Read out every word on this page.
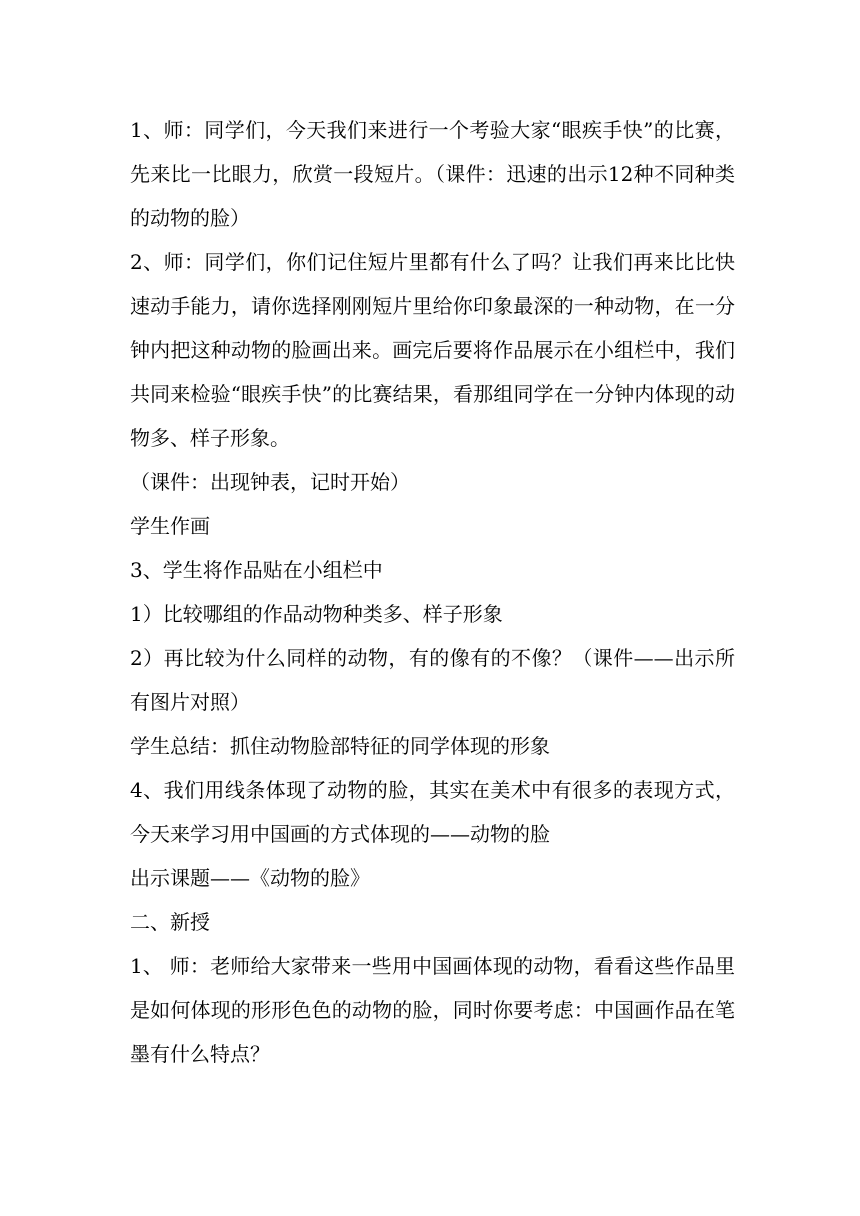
1、师：同学们，今天我们来进行一个考验大家“眼疾手快”的比赛，先来比一比眼力，欣赏一段短片。（课件：迅速的出示12种不同种类的动物的脸）

2、师：同学们，你们记住短片里都有什么了吗？让我们再来比比快速动手能力，请你选择刚刚短片里给你印象最深的一种动物，在一分钟内把这种动物的脸画出来。画完后要将作品展示在小组栏中，我们共同来检验“眼疾手快”的比赛结果，看那组同学在一分钟内体现的动物多、样子形象。

（课件：出现钟表，记时开始）

学生作画

3、学生将作品贴在小组栏中

1）比较哪组的作品动物种类多、样子形象

2）再比较为什么同样的动物，有的像有的不像？（课件——出示所有图片对照）

学生总结：抓住动物脸部特征的同学体现的形象

4、我们用线条体现了动物的脸，其实在美术中有很多的表现方式，今天来学习用中国画的方式体现的——动物的脸

出示课题——《动物的脸》

二、新授

1、 师：老师给大家带来一些用中国画体现的动物，看看这些作品里是如何体现的形形色色的动物的脸，同时你要考虑：中国画作品在笔墨有什么特点？
